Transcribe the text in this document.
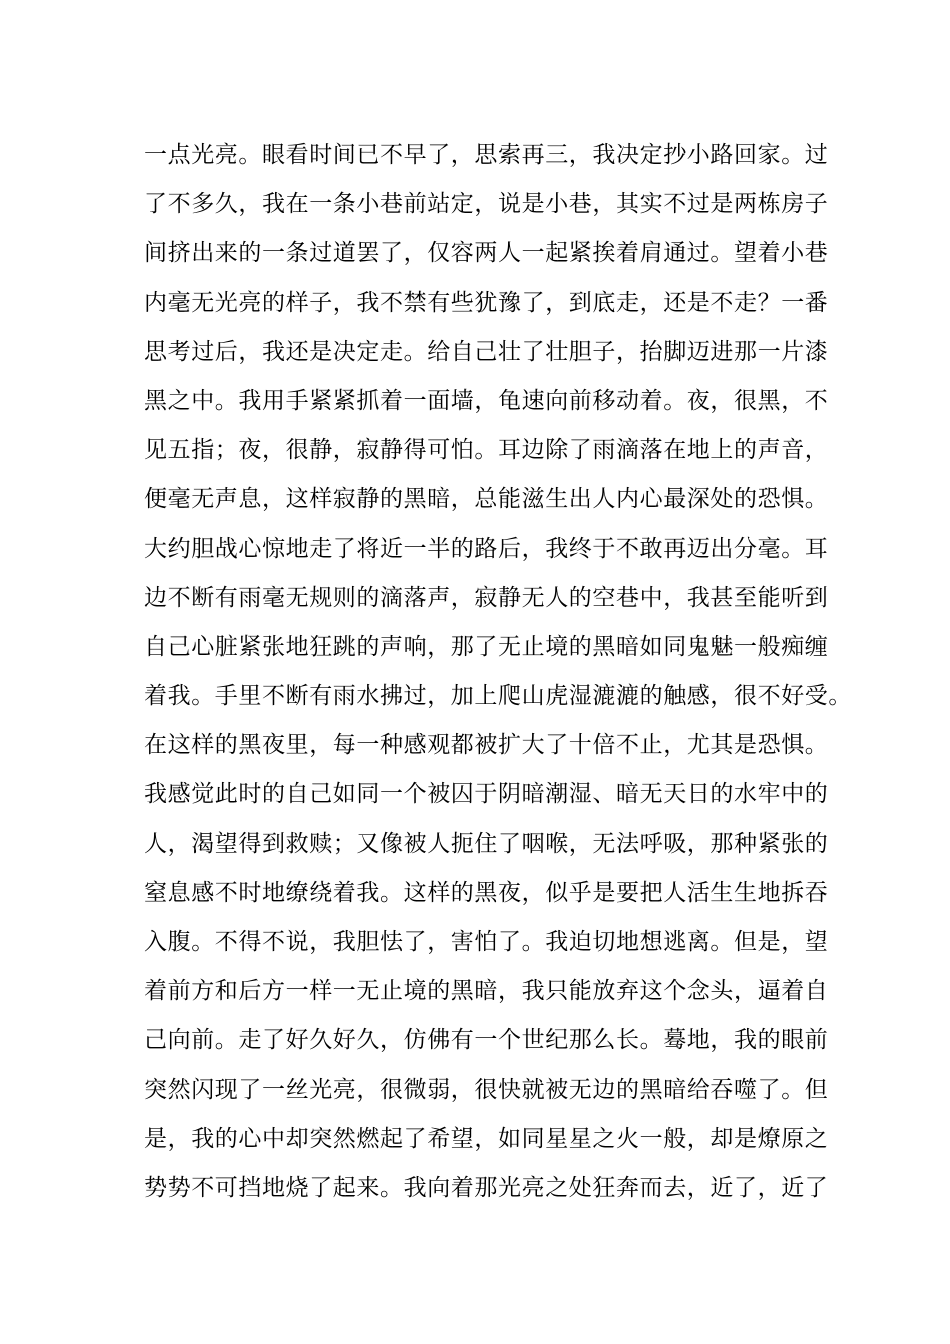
一点光亮。眼看时间已不早了，思索再三，我决定抄小路回家。过
了不多久，我在一条小巷前站定，说是小巷，其实不过是两栋房子
间挤出来的一条过道罢了，仅容两人一起紧挨着肩通过。望着小巷
内毫无光亮的样子，我不禁有些犹豫了，到底走，还是不走？一番
思考过后，我还是决定走。给自己壮了壮胆子，抬脚迈进那一片漆
黑之中。我用手紧紧抓着一面墙，龟速向前移动着。夜，很黑，不
见五指；夜，很静，寂静得可怕。耳边除了雨滴落在地上的声音，
便毫无声息，这样寂静的黑暗，总能滋生出人内心最深处的恐惧。
大约胆战心惊地走了将近一半的路后，我终于不敢再迈出分毫。耳
边不断有雨毫无规则的滴落声，寂静无人的空巷中，我甚至能听到
自己心脏紧张地狂跳的声响，那了无止境的黑暗如同鬼魅一般痴缠
着我。手里不断有雨水拂过，加上爬山虎湿漉漉的触感，很不好受。
在这样的黑夜里，每一种感观都被扩大了十倍不止，尤其是恐惧。
我感觉此时的自己如同一个被囚于阴暗潮湿、暗无天日的水牢中的
人，渴望得到救赎；又像被人扼住了咽喉，无法呼吸，那种紧张的
窒息感不时地缭绕着我。这样的黑夜，似乎是要把人活生生地拆吞
入腹。不得不说，我胆怯了，害怕了。我迫切地想逃离。但是，望
着前方和后方一样一无止境的黑暗，我只能放弃这个念头，逼着自
己向前。走了好久好久，仿佛有一个世纪那么长。蓦地，我的眼前
突然闪现了一丝光亮，很微弱，很快就被无边的黑暗给吞噬了。但
是，我的心中却突然燃起了希望，如同星星之火一般，却是燎原之
势势不可挡地烧了起来。我向着那光亮之处狂奔而去，近了，近了
